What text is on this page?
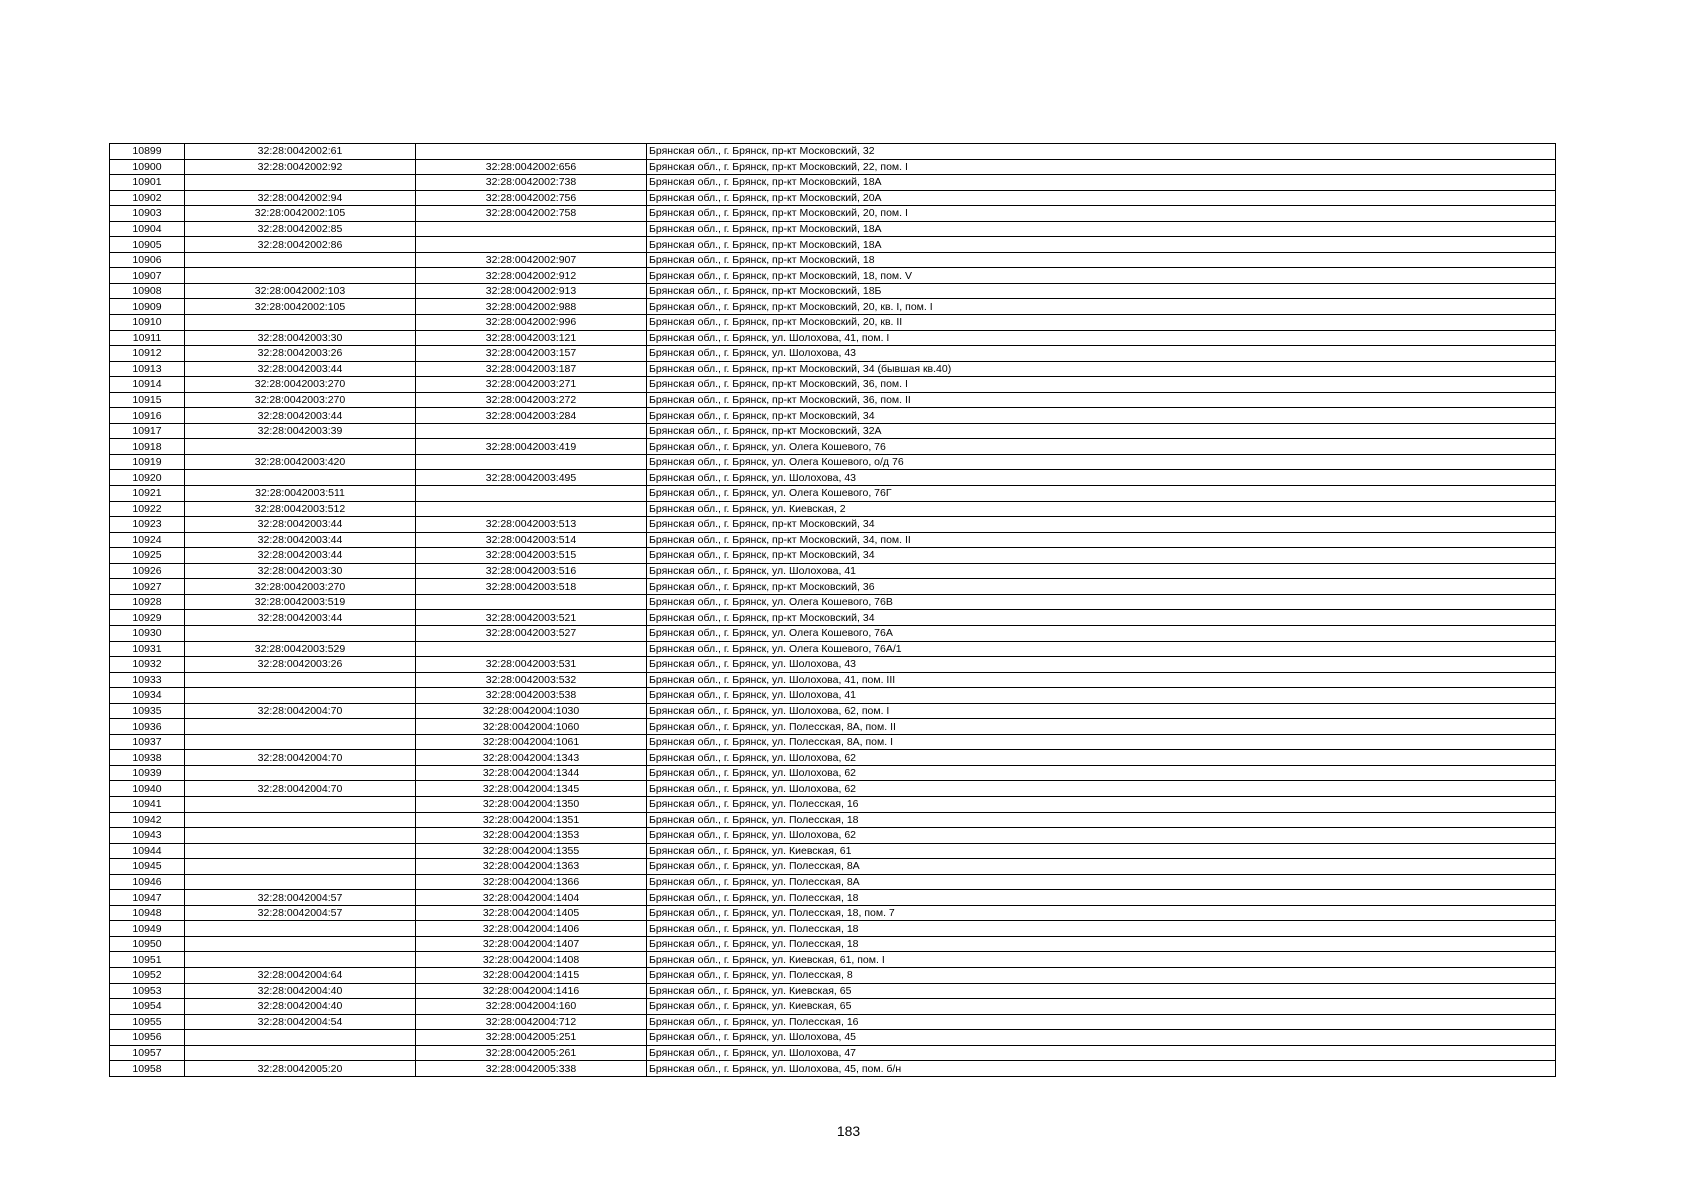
10899	32:28:0042002:61		Брянская обл., г. Брянск, пр-кт Московский, 32
10900	32:28:0042002:92	32:28:0042002:656	Брянская обл., г. Брянск, пр-кт Московский, 22, пом. I
10901		32:28:0042002:738	Брянская обл., г. Брянск, пр-кт Московский, 18А
10902	32:28:0042002:94	32:28:0042002:756	Брянская обл., г. Брянск, пр-кт Московский, 20А
10903	32:28:0042002:105	32:28:0042002:758	Брянская обл., г. Брянск, пр-кт Московский, 20, пом. I
10904	32:28:0042002:85		Брянская обл., г. Брянск, пр-кт Московский, 18А
10905	32:28:0042002:86		Брянская обл., г. Брянск, пр-кт Московский, 18А
10906		32:28:0042002:907	Брянская обл., г. Брянск, пр-кт Московский, 18
10907		32:28:0042002:912	Брянская обл., г. Брянск, пр-кт Московский, 18, пом. V
10908	32:28:0042002:103	32:28:0042002:913	Брянская обл., г. Брянск, пр-кт Московский, 18Б
10909	32:28:0042002:105	32:28:0042002:988	Брянская обл., г. Брянск, пр-кт Московский, 20, кв. I, пом. I
10910		32:28:0042002:996	Брянская обл., г. Брянск, пр-кт Московский, 20, кв. II
10911	32:28:0042003:30	32:28:0042003:121	Брянская обл., г. Брянск, ул. Шолохова, 41, пом. I
10912	32:28:0042003:26	32:28:0042003:157	Брянская обл., г. Брянск, ул. Шолохова, 43
10913	32:28:0042003:44	32:28:0042003:187	Брянская обл., г. Брянск, пр-кт Московский, 34 (бывшая кв.40)
10914	32:28:0042003:270	32:28:0042003:271	Брянская обл., г. Брянск, пр-кт Московский, 36, пом. I
10915	32:28:0042003:270	32:28:0042003:272	Брянская обл., г. Брянск, пр-кт Московский, 36, пом. II
10916	32:28:0042003:44	32:28:0042003:284	Брянская обл., г. Брянск, пр-кт Московский, 34
10917	32:28:0042003:39		Брянская обл., г. Брянск, пр-кт Московский, 32А
10918		32:28:0042003:419	Брянская обл., г. Брянск, ул. Олега Кошевого, 76
10919	32:28:0042003:420		Брянская обл., г. Брянск, ул. Олега Кошевого, о/д 76
10920		32:28:0042003:495	Брянская обл., г. Брянск, ул. Шолохова, 43
10921	32:28:0042003:511		Брянская обл., г. Брянск, ул. Олега Кошевого, 76Г
10922	32:28:0042003:512		Брянская обл., г. Брянск, ул. Киевская, 2
10923	32:28:0042003:44	32:28:0042003:513	Брянская обл., г. Брянск, пр-кт Московский, 34
10924	32:28:0042003:44	32:28:0042003:514	Брянская обл., г. Брянск, пр-кт Московский, 34, пом. II
10925	32:28:0042003:44	32:28:0042003:515	Брянская обл., г. Брянск, пр-кт Московский, 34
10926	32:28:0042003:30	32:28:0042003:516	Брянская обл., г. Брянск, ул. Шолохова, 41
10927	32:28:0042003:270	32:28:0042003:518	Брянская обл., г. Брянск, пр-кт Московский, 36
10928	32:28:0042003:519		Брянская обл., г. Брянск, ул. Олега Кошевого, 76В
10929	32:28:0042003:44	32:28:0042003:521	Брянская обл., г. Брянск, пр-кт Московский, 34
10930		32:28:0042003:527	Брянская обл., г. Брянск, ул. Олега Кошевого, 76А
10931	32:28:0042003:529		Брянская обл., г. Брянск, ул. Олега Кошевого, 76А/1
10932	32:28:0042003:26	32:28:0042003:531	Брянская обл., г. Брянск, ул. Шолохова, 43
10933		32:28:0042003:532	Брянская обл., г. Брянск, ул. Шолохова, 41, пом. III
10934		32:28:0042003:538	Брянская обл., г. Брянск, ул. Шолохова, 41
10935	32:28:0042004:70	32:28:0042004:1030	Брянская обл., г. Брянск, ул. Шолохова, 62, пом. I
10936		32:28:0042004:1060	Брянская обл., г. Брянск, ул. Полесская, 8А, пом. II
10937		32:28:0042004:1061	Брянская обл., г. Брянск, ул. Полесская, 8А, пом. I
10938	32:28:0042004:70	32:28:0042004:1343	Брянская обл., г. Брянск, ул. Шолохова, 62
10939		32:28:0042004:1344	Брянская обл., г. Брянск, ул. Шолохова, 62
10940	32:28:0042004:70	32:28:0042004:1345	Брянская обл., г. Брянск, ул. Шолохова, 62
10941		32:28:0042004:1350	Брянская обл., г. Брянск, ул. Полесская, 16
10942		32:28:0042004:1351	Брянская обл., г. Брянск, ул. Полесская, 18
10943		32:28:0042004:1353	Брянская обл., г. Брянск, ул. Шолохова, 62
10944		32:28:0042004:1355	Брянская обл., г. Брянск, ул. Киевская, 61
10945		32:28:0042004:1363	Брянская обл., г. Брянск, ул. Полесская, 8А
10946		32:28:0042004:1366	Брянская обл., г. Брянск, ул. Полесская, 8А
10947	32:28:0042004:57	32:28:0042004:1404	Брянская обл., г. Брянск, ул. Полесская, 18
10948	32:28:0042004:57	32:28:0042004:1405	Брянская обл., г. Брянск, ул. Полесская, 18, пом. 7
10949		32:28:0042004:1406	Брянская обл., г. Брянск, ул. Полесская, 18
10950		32:28:0042004:1407	Брянская обл., г. Брянск, ул. Полесская, 18
10951		32:28:0042004:1408	Брянская обл., г. Брянск, ул. Киевская, 61, пом. I
10952	32:28:0042004:64	32:28:0042004:1415	Брянская обл., г. Брянск, ул. Полесская, 8
10953	32:28:0042004:40	32:28:0042004:1416	Брянская обл., г. Брянск, ул. Киевская, 65
10954	32:28:0042004:40	32:28:0042004:160	Брянская обл., г. Брянск, ул. Киевская, 65
10955	32:28:0042004:54	32:28:0042004:712	Брянская обл., г. Брянск, ул. Полесская, 16
10956		32:28:0042005:251	Брянская обл., г. Брянск, ул. Шолохова, 45
10957		32:28:0042005:261	Брянская обл., г. Брянск, ул. Шолохова, 47
10958	32:28:0042005:20	32:28:0042005:338	Брянская обл., г. Брянск, ул. Шолохова, 45, пом. б/н
183
